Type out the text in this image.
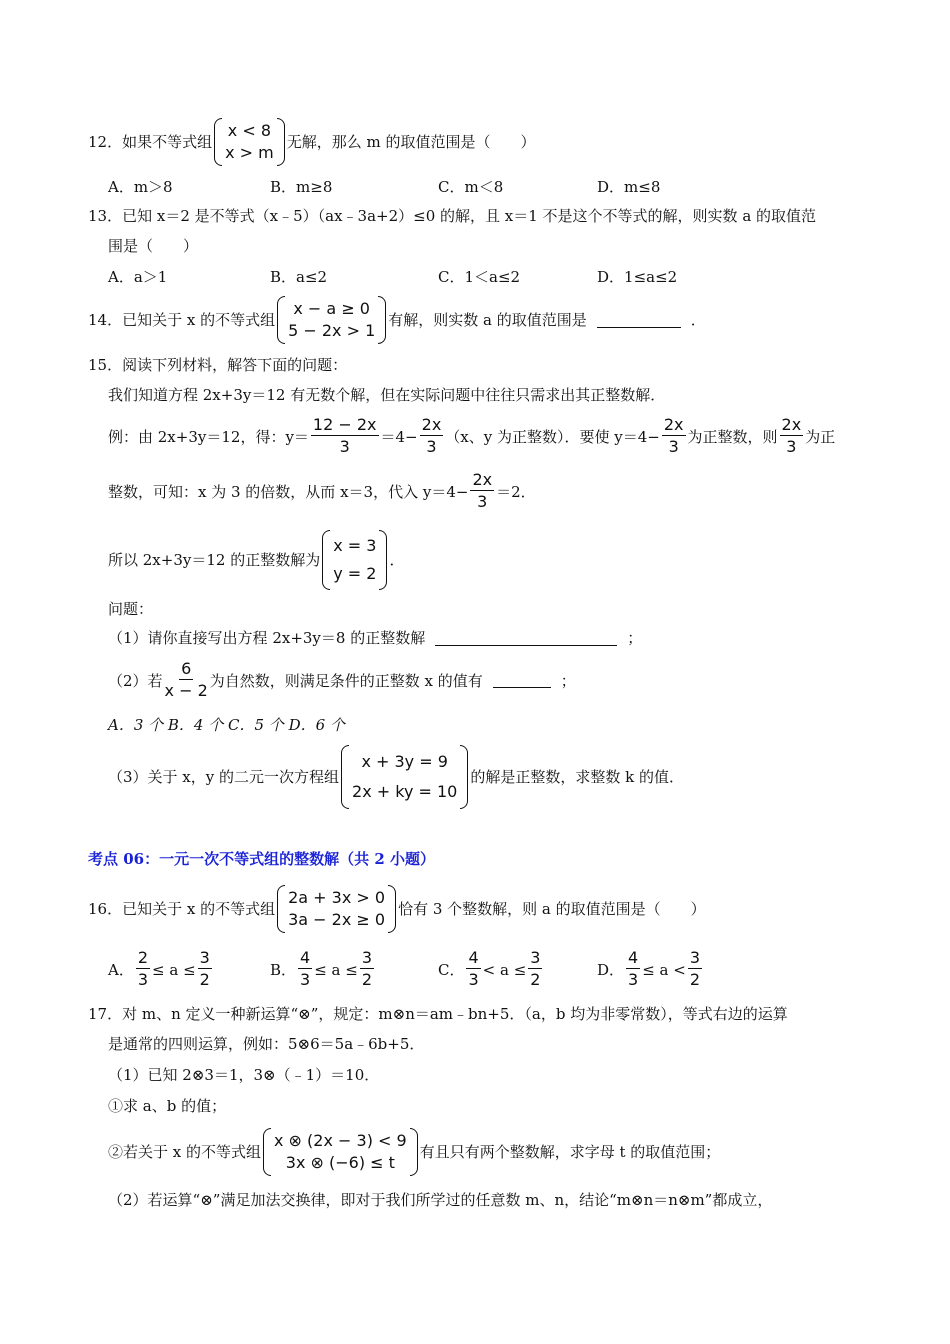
12．如果不等式组
x < 8
x > m
无解，那么 m 的取值范围是（　　）
A．m＞8	B．m≥8	C．m＜8	D．m≤8
13．已知 x＝2 是不等式（x﹣5）（ax﹣3a+2）≤0 的解，且 x＝1 不是这个不等式的解，则实数 a 的取值范
围是（　　）
A．a＞1	B．a≤2	C．1＜a≤2	D．1≤a≤2
14．已知关于 x 的不等式组
x − a ≥ 0
5 − 2x > 1
有解，则实数 a 的取值范围是	．
15．阅读下列材料，解答下面的问题：
我们知道方程 2x+3y＝12 有无数个解，但在实际问题中往往只需求出其正整数解．
例：由 2x+3y＝12，得：$y= \frac{12 - 2x}{3} =4- \frac{2x}{3} (x$、y 为正整数）．要使 $y=4- \frac{2x}{3}$ 为正整数，则 $\frac{2x}{3}$ 为正
整数，可知：x 为 3 的倍数，从而 x＝3，代入 $y=4- \frac{2x}{3} =2$．
所以 2x+3y＝12 的正整数解为
x = 3
y = 2
．
问题：
（1）请你直接写出方程 2x+3y＝8 的正整数解	；
（2）若 $\frac{6}{x - 2}$ 为自然数，则满足条件的正整数 x 的值有	；
A．3 个 B．4 个 C．5 个 D．6 个
（3）关于 x，y 的二元一次方程组
x + 3y = 9
2x + ky = 10
的解是正整数，求整数 k 的值．
考点 06：一元一次不等式组的整数解（共 2 小题）
16．已知关于 x 的不等式组
2a + 3x > 0
3a − 2x ≥ 0
恰有 3 个整数解，则 a 的取值范围是（　　）
A． $\frac{2}{3} \le a \le \frac{3}{2}$	B． $\frac{4}{3} \le a \le \frac{3}{2}$	C． $\frac{4}{3} < a \le \frac{3}{2}$	D． $\frac{4}{3} \le a < \frac{3}{2}$
17．对 m、n 定义一种新运算“⊗”，规定：m⊗n＝am﹣bn+5．（a，b 均为非零常数），等式右边的运算
是通常的四则运算，例如：5⊗6＝5a﹣6b+5．
（1）已知 2⊗3＝1，3⊗（﹣1）＝10．
①求 a、b 的值；
②若关于 x 的不等式组
x ⊗ (2x − 3) < 9
3x ⊗ (−6) ≤ t
有且只有两个整数解，求字母 t 的取值范围；
（2）若运算“⊗”满足加法交换律，即对于我们所学过的任意数 m、n，结论“m⊗n＝n⊗m”都成立，
